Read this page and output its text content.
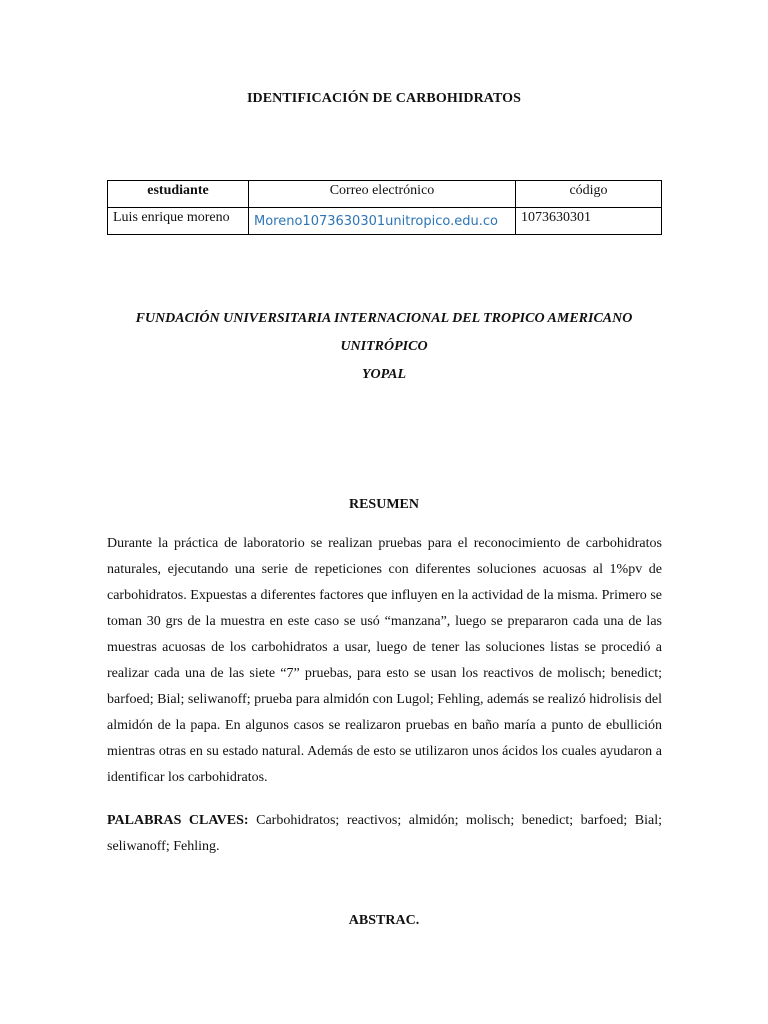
IDENTIFICACIÓN DE CARBOHIDRATOS
estudiante	Correo electrónico	código
Luis enrique moreno	Moreno1073630301unitropico.edu.co	1073630301
FUNDACIÓN UNIVERSITARIA INTERNACIONAL DEL TROPICO AMERICANO
UNITRÓPICO
YOPAL
RESUMEN
Durante la práctica de laboratorio se realizan pruebas para el reconocimiento de carbohidratos naturales, ejecutando una serie de repeticiones con diferentes soluciones acuosas al 1%pv de carbohidratos. Expuestas a diferentes factores que influyen en la actividad de la misma. Primero se toman 30 grs de la muestra en este caso se usó “manzana”, luego se prepararon cada una de las muestras acuosas de los carbohidratos a usar, luego de tener las soluciones listas se procedió a realizar cada una de las siete “7” pruebas, para esto se usan los reactivos de molisch; benedict; barfoed; Bial; seliwanoff; prueba para almidón con Lugol; Fehling, además se realizó hidrolisis del almidón de la papa. En algunos casos se realizaron pruebas en baño maría a punto de ebullición mientras otras en su estado natural. Además de esto se utilizaron unos ácidos los cuales ayudaron a identificar los carbohidratos.
PALABRAS CLAVES: Carbohidratos; reactivos; almidón; molisch; benedict; barfoed; Bial; seliwanoff; Fehling.
ABSTRAC.
